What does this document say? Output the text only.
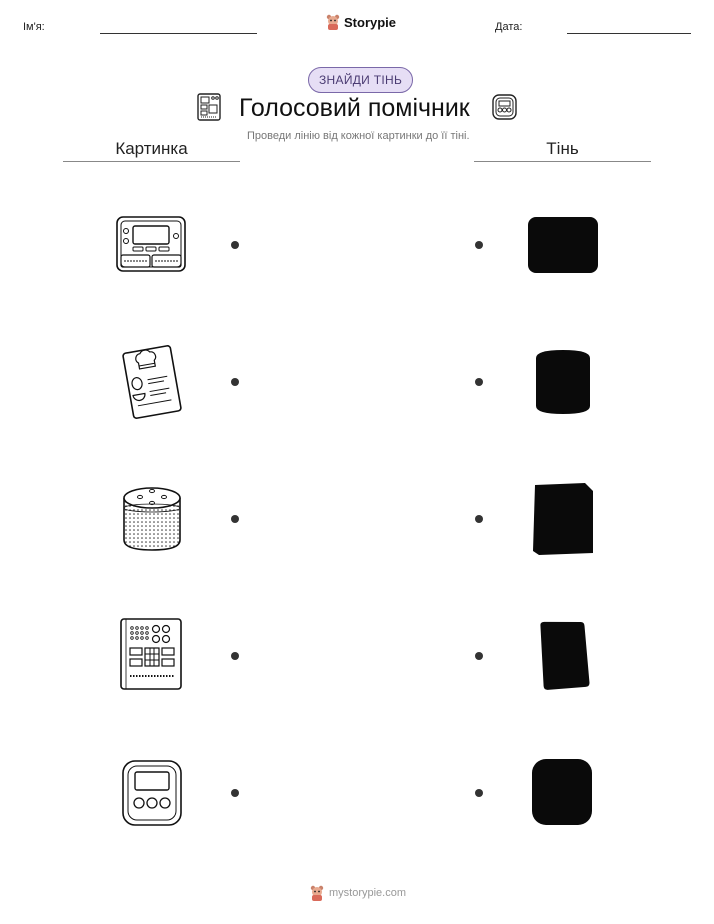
Ім'я:	Storypie	Дата:
ЗНАЙДИ ТІНЬ
Голосовий помічник
Проведи лінію від кожної картинки до її тіні.
Картинка	Тінь
mystorypie.com
